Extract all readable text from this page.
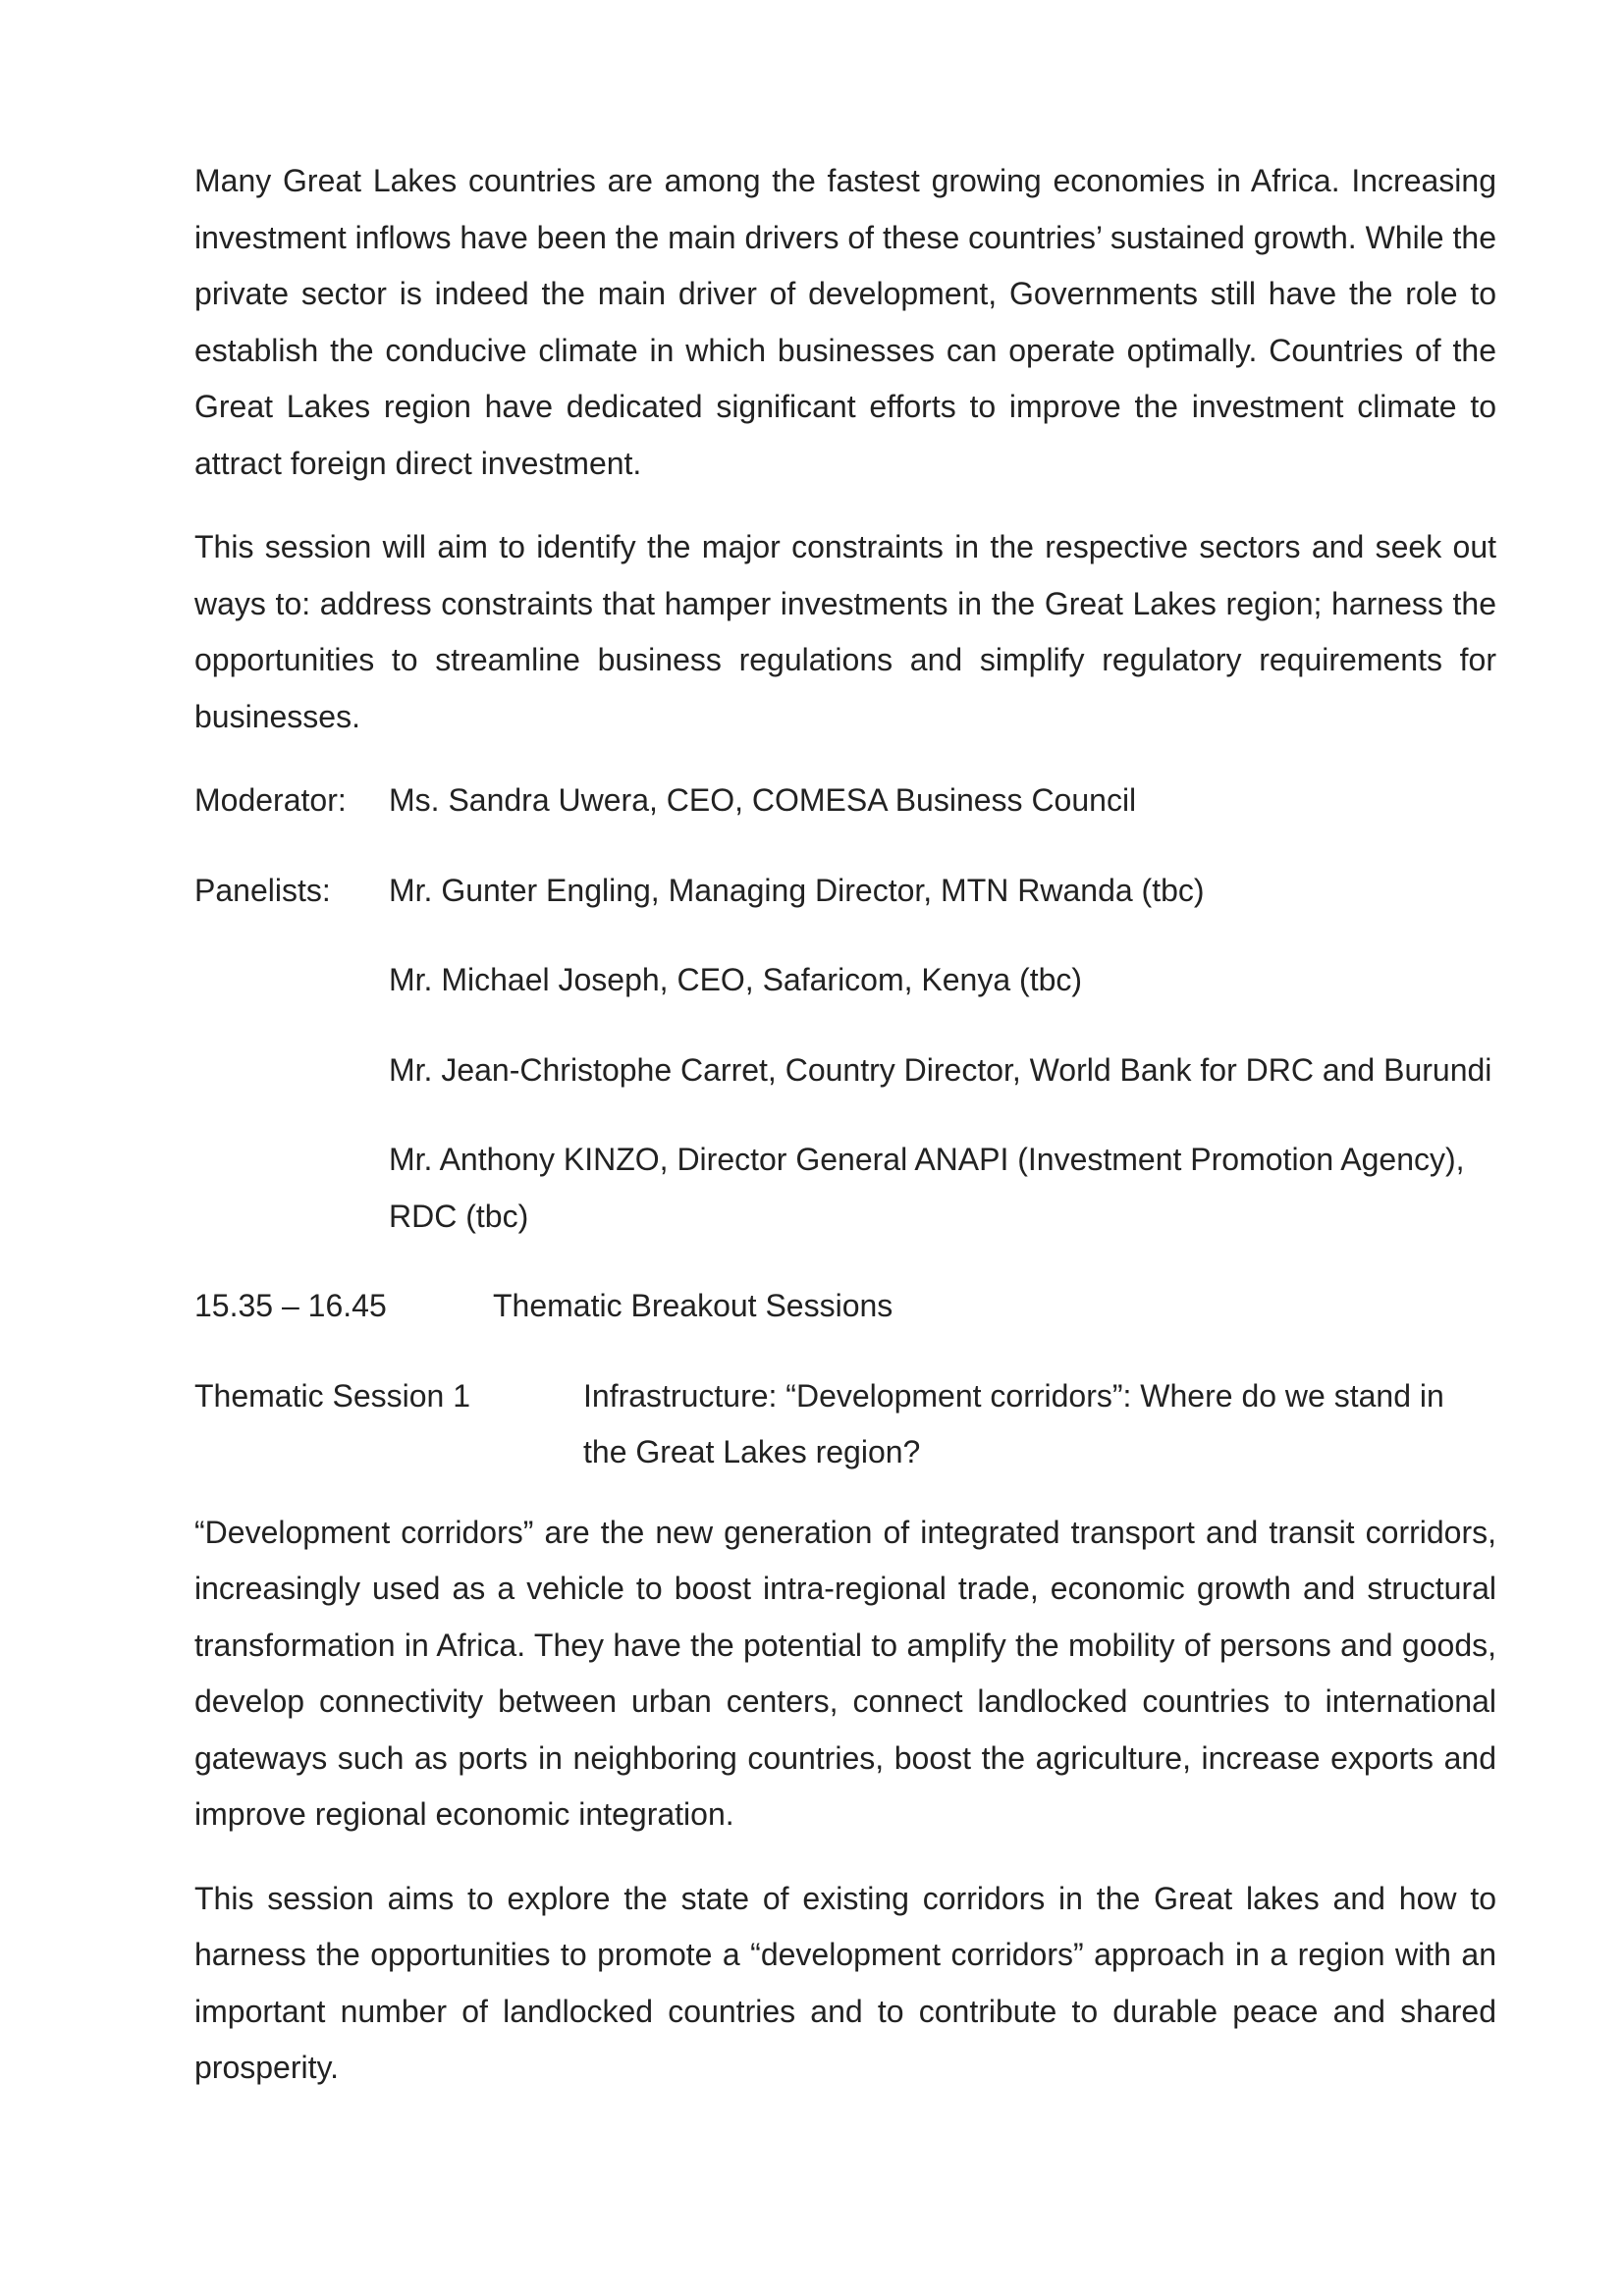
Many Great Lakes countries are among the fastest growing economies in Africa. Increasing investment inflows have been the main drivers of these countries’ sustained growth. While the private sector is indeed the main driver of development, Governments still have the role to establish the conducive climate in which businesses can operate optimally. Countries of the Great Lakes region have dedicated significant efforts to improve the investment climate to attract foreign direct investment.

This session will aim to identify the major constraints in the respective sectors and seek out ways to: address constraints that hamper investments in the Great Lakes region; harness the opportunities to streamline business regulations and simplify regulatory requirements for businesses.

Moderator:	Ms. Sandra Uwera, CEO, COMESA Business Council
Panelists:	Mr. Gunter Engling, Managing Director, MTN Rwanda (tbc)
Mr. Michael Joseph, CEO, Safaricom, Kenya (tbc)
Mr. Jean-Christophe Carret, Country Director, World Bank for DRC and Burundi
Mr. Anthony KINZO, Director General ANAPI (Investment Promotion Agency), RDC (tbc)
15.35 – 16.45	Thematic Breakout Sessions
Thematic Session 1	Infrastructure: “Development corridors”: Where do we stand in the Great Lakes region?

“Development corridors” are the new generation of integrated transport and transit corridors, increasingly used as a vehicle to boost intra-regional trade, economic growth and structural transformation in Africa. They have the potential to amplify the mobility of persons and goods, develop connectivity between urban centers, connect landlocked countries to international gateways such as ports in neighboring countries, boost the agriculture, increase exports and improve regional economic integration.

This session aims to explore the state of existing corridors in the Great lakes and how to harness the opportunities to promote a “development corridors” approach in a region with an important number of landlocked countries and to contribute to durable peace and shared prosperity.
